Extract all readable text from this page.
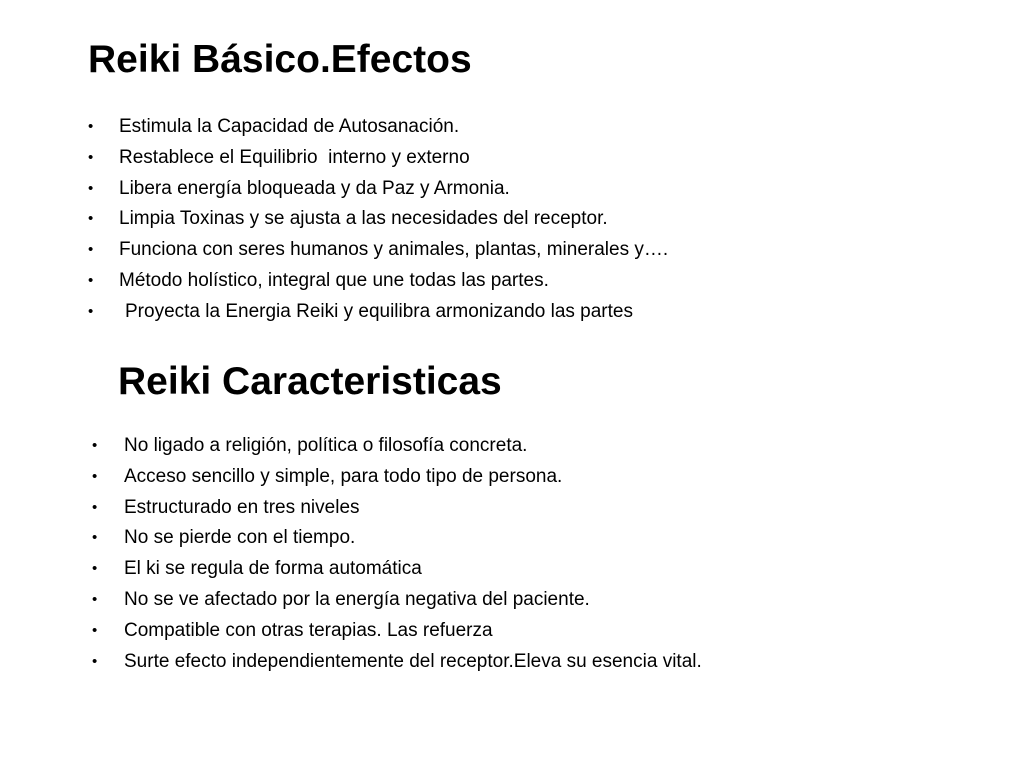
Reiki Básico.Efectos
• Estimula la Capacidad de Autosanación.
• Restablece el Equilibrio  interno y externo
• Libera energía bloqueada y da Paz y Armonia.
• Limpia Toxinas y se ajusta a las necesidades del receptor.
• Funciona con seres humanos y animales, plantas, minerales y….
• Método holístico, integral que une todas las partes.
• Proyecta la Energia Reiki y equilibra armonizando las partes
Reiki Caracteristicas
• No ligado a religión, política o filosofía concreta.
• Acceso sencillo y simple, para todo tipo de persona.
• Estructurado en tres niveles
• No se pierde con el tiempo.
• El ki se regula de forma automática
• No se ve afectado por la energía negativa del paciente.
• Compatible con otras terapias. Las refuerza
• Surte efecto independientemente del receptor.Eleva su esencia vital.
